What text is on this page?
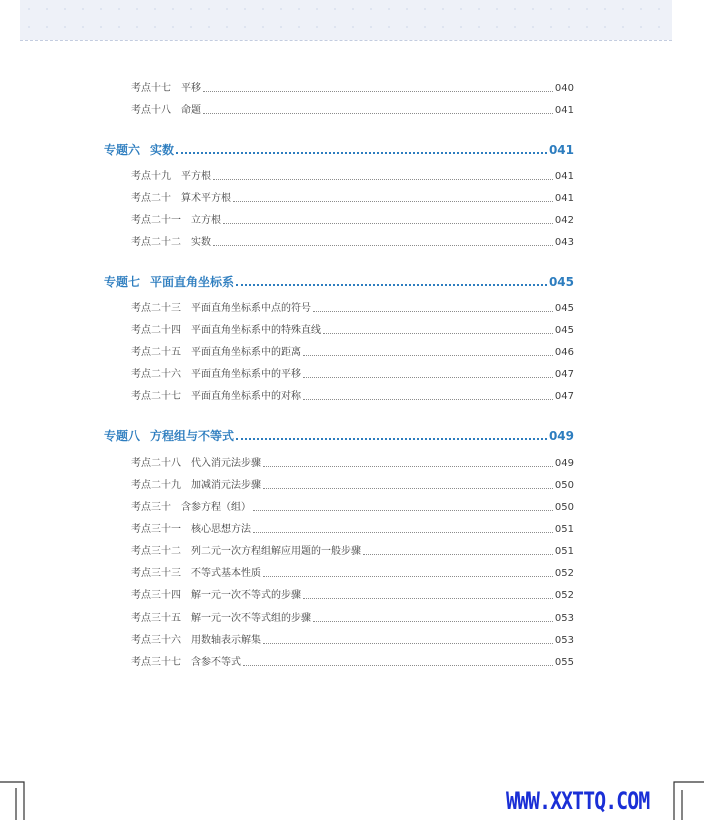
考点十七 平移	040
考点十八 命题	041
专题六 实数	041
考点十九 平方根	041
考点二十 算术平方根	041
考点二十一 立方根	042
考点二十二 实数	043
专题七 平面直角坐标系	045
考点二十三 平面直角坐标系中点的符号	045
考点二十四 平面直角坐标系中的特殊直线	045
考点二十五 平面直角坐标系中的距离	046
考点二十六 平面直角坐标系中的平移	047
考点二十七 平面直角坐标系中的对称	047
专题八 方程组与不等式	049
考点二十八 代入消元法步骤	049
考点二十九 加减消元法步骤	050
考点三十 含参方程（组）	050
考点三十一 核心思想方法	051
考点三十二 列二元一次方程组解应用题的一般步骤	051
考点三十三 不等式基本性质	052
考点三十四 解一元一次不等式的步骤	052
考点三十五 解一元一次不等式组的步骤	053
考点三十六 用数轴表示解集	053
考点三十七 含参不等式	055
WWW.XXTTQ.COM
